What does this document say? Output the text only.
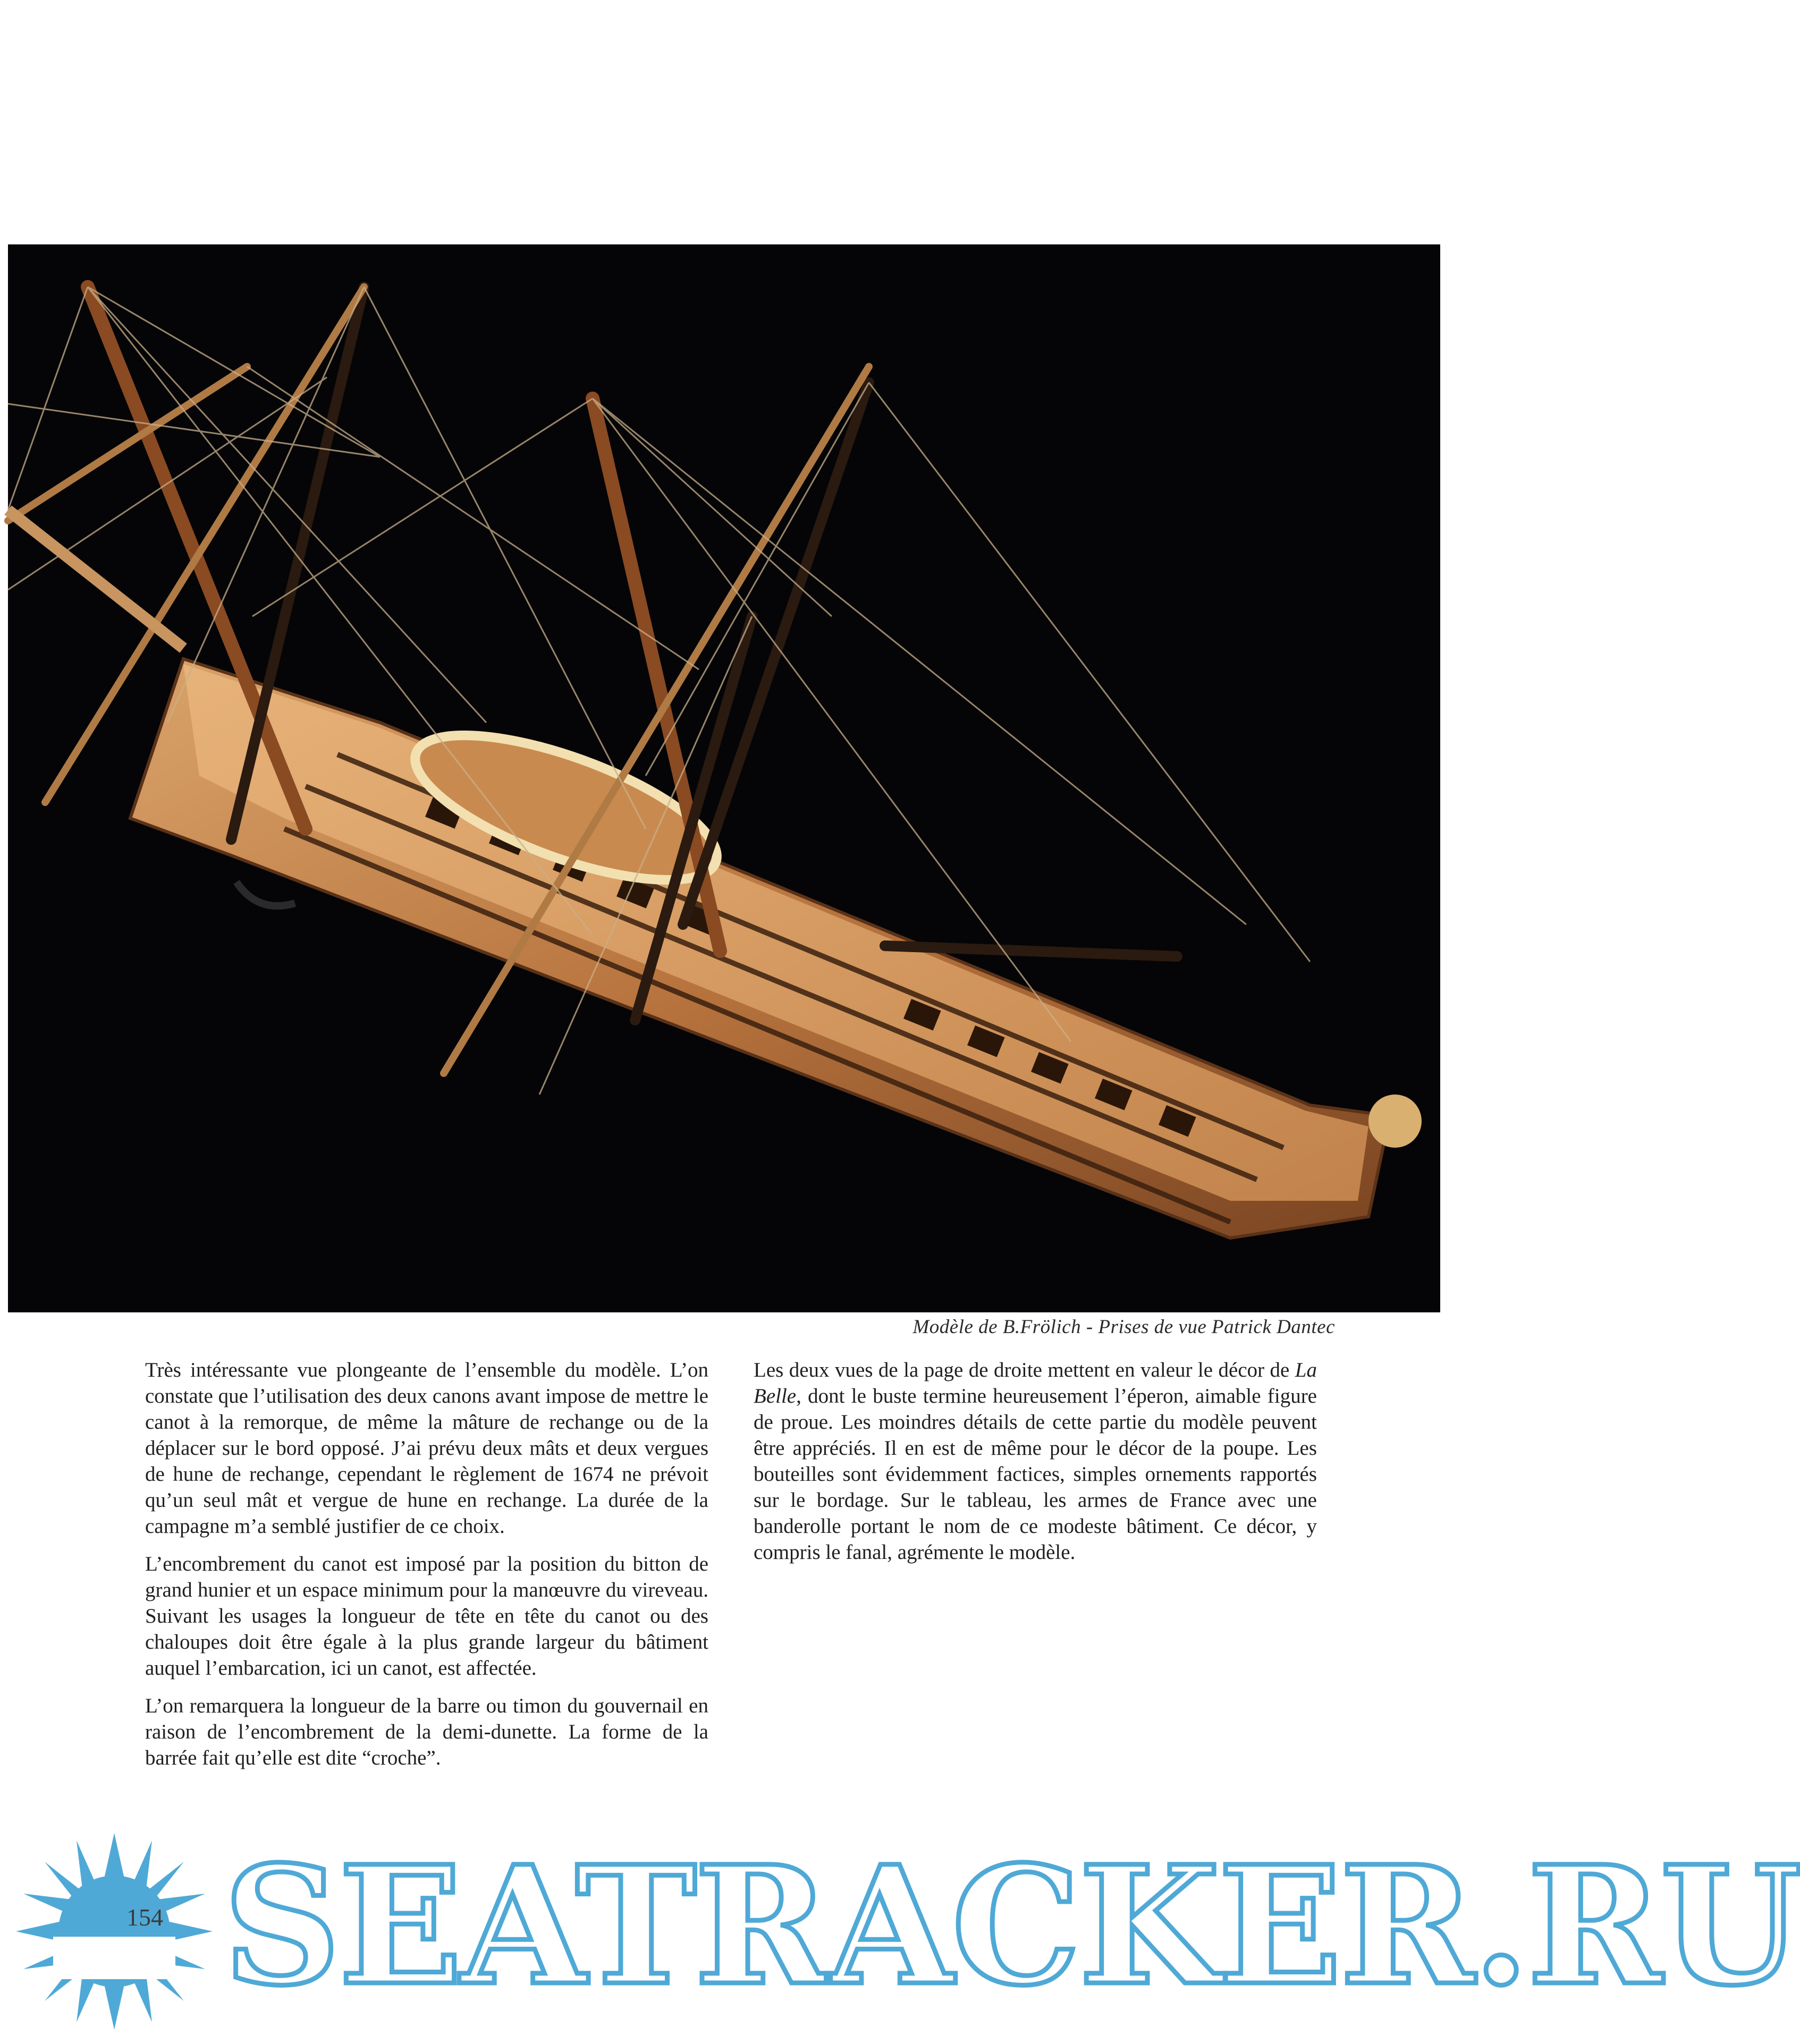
Modèle de B.Frölich - Prises de vue Patrick Dantec

Très intéressante vue plongeante de l’ensemble du modèle. L’on constate que l’utilisation des deux canons avant impose de mettre le canot à la remorque, de même la mâture de rechange ou de la déplacer sur le bord opposé. J’ai prévu deux mâts et deux vergues de hune de rechange, cependant le règlement de 1674 ne prévoit qu’un seul mât et vergue de hune en rechange. La durée de la campagne m’a semblé justifier de ce choix.

L’encombrement du canot est imposé par la position du bitton de grand hunier et un espace minimum pour la manœuvre du vireveau. Suivant les usages la longueur de tête en tête du canot ou des chaloupes doit être égale à la plus grande largeur du bâtiment auquel l’embarcation, ici un canot, est affectée.

L’on remarquera la longueur de la barre ou timon du gouvernail en raison de l’encombrement de la demi-dunette. La forme de la barrée fait qu’elle est dite “croche”.

Les deux vues de la page de droite mettent en valeur le décor de La Belle, dont le buste termine heureusement l’éperon, aimable figure de proue. Les moindres détails de cette partie du modèle peuvent être appréciés. Il en est de même pour le décor de la poupe. Les bouteilles sont évidemment factices, simples ornements rapportés sur le bordage. Sur le tableau, les armes de France avec une banderolle portant le nom de ce modeste bâtiment. Ce décor, y compris le fanal, agrémente le modèle.

154 SEATRACKER.RU
